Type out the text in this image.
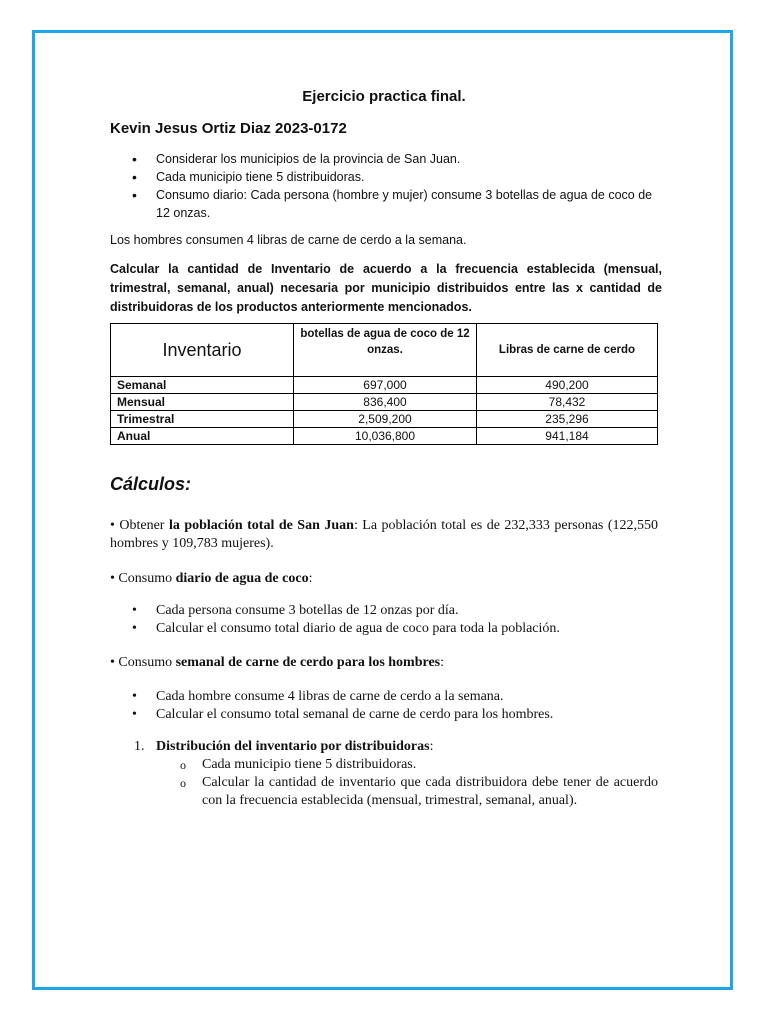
Ejercicio practica final.
Kevin Jesus Ortiz Diaz 2023-0172
• Considerar los municipios de la provincia de San Juan.
• Cada municipio tiene 5 distribuidoras.
• Consumo diario: Cada persona (hombre y mujer) consume 3 botellas de agua de coco de 12 onzas.
Los hombres consumen 4 libras de carne de cerdo a la semana.
Calcular la cantidad de Inventario de acuerdo a la frecuencia establecida (mensual, trimestral, semanal, anual) necesaria por municipio distribuidos entre las x cantidad de distribuidoras de los productos anteriormente mencionados.
Inventario	botellas de agua de coco de 12 onzas.	Libras de carne de cerdo
Semanal	697,000	490,200
Mensual	836,400	78,432
Trimestral	2,509,200	235,296
Anual	10,036,800	941,184
Cálculos:
• Obtener la población total de San Juan: La población total es de 232,333 personas (122,550 hombres y 109,783 mujeres).
• Consumo diario de agua de coco:
• Cada persona consume 3 botellas de 12 onzas por día.
• Calcular el consumo total diario de agua de coco para toda la población.
• Consumo semanal de carne de cerdo para los hombres:
• Cada hombre consume 4 libras de carne de cerdo a la semana.
• Calcular el consumo total semanal de carne de cerdo para los hombres.
1. Distribución del inventario por distribuidoras:
o Cada municipio tiene 5 distribuidoras.
o Calcular la cantidad de inventario que cada distribuidora debe tener de acuerdo con la frecuencia establecida (mensual, trimestral, semanal, anual).
